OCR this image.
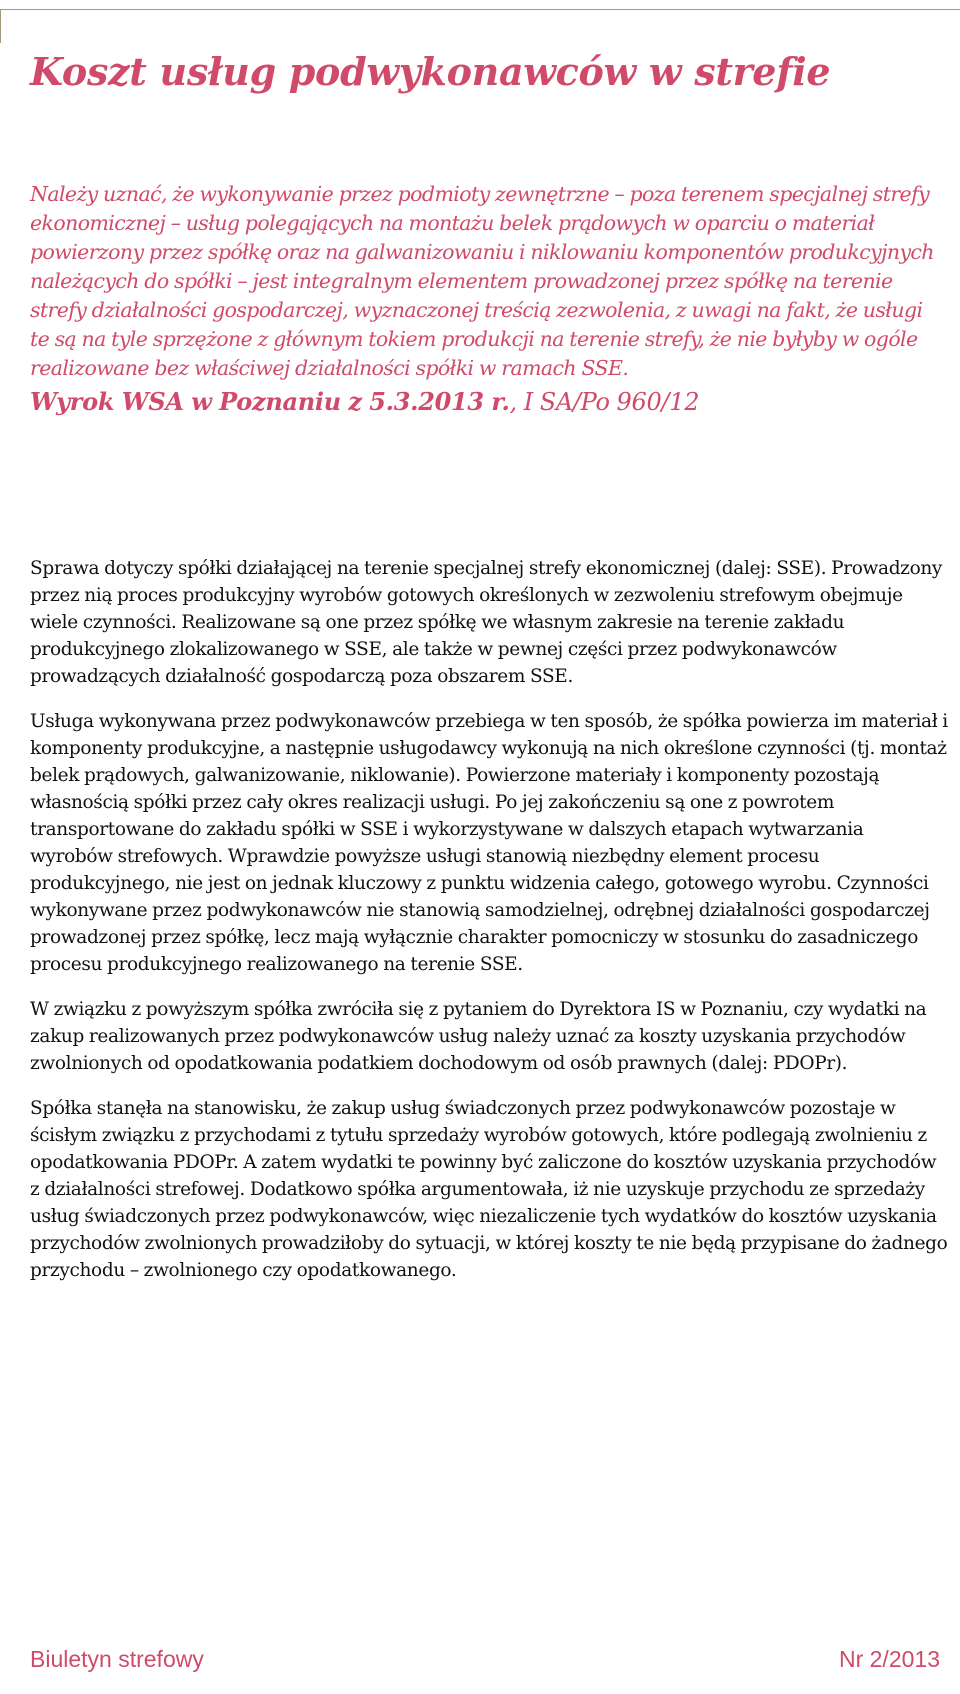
Koszt usług podwykonawców w strefie

Należy uznać, że wykonywanie przez podmioty zewnętrzne – poza terenem specjalnej strefy ekonomicznej – usług polegających na montażu belek prądowych w oparciu o materiał powierzony przez spółkę oraz na galwanizowaniu i niklowaniu komponentów produkcyjnych należących do spółki – jest integralnym elementem prowadzonej przez spółkę na terenie strefy działalności gospodarczej, wyznaczonej treścią zezwolenia, z uwagi na fakt, że usługi te są na tyle sprzężone z głównym tokiem produkcji na terenie strefy, że nie byłyby w ogóle realizowane bez właściwej działalności spółki w ramach SSE.

Wyrok WSA w Poznaniu z 5.3.2013 r., I SA/Po 960/12

Sprawa dotyczy spółki działającej na terenie specjalnej strefy ekonomicznej (dalej: SSE). Prowadzony przez nią proces produkcyjny wyrobów gotowych określonych w zezwoleniu strefowym obejmuje wiele czynności. Realizowane są one przez spółkę we własnym zakresie na terenie zakładu produkcyjnego zlokalizowanego w SSE, ale także w pewnej części przez podwykonawców prowadzących działalność gospodarczą poza obszarem SSE.

Usługa wykonywana przez podwykonawców przebiega w ten sposób, że spółka powierza im materiał i komponenty produkcyjne, a następnie usługodawcy wykonują na nich określone czynności (tj. montaż belek prądowych, galwanizowanie, niklowanie). Powierzone materiały i komponenty pozostają własnością spółki przez cały okres realizacji usługi. Po jej zakończeniu są one z powrotem transportowane do zakładu spółki w SSE i wykorzystywane w dalszych etapach wytwarzania wyrobów strefowych. Wprawdzie powyższe usługi stanowią niezbędny element procesu produkcyjnego, nie jest on jednak kluczowy z punktu widzenia całego, gotowego wyrobu. Czynności wykonywane przez podwykonawców nie stanowią samodzielnej, odrębnej działalności gospodarczej prowadzonej przez spółkę, lecz mają wyłącznie charakter pomocniczy w stosunku do zasadniczego procesu produkcyjnego realizowanego na terenie SSE.

W związku z powyższym spółka zwróciła się z pytaniem do Dyrektora IS w Poznaniu, czy wydatki na zakup realizowanych przez podwykonawców usług należy uznać za koszty uzyskania przychodów zwolnionych od opodatkowania podatkiem dochodowym od osób prawnych (dalej: PDOPr).

Spółka stanęła na stanowisku, że zakup usług świadczonych przez podwykonawców pozostaje w ścisłym związku z przychodami z tytułu sprzedaży wyrobów gotowych, które podlegają zwolnieniu z opodatkowania PDOPr. A zatem wydatki te powinny być zaliczone do kosztów uzyskania przychodów z działalności strefowej. Dodatkowo spółka argumentowała, iż nie uzyskuje przychodu ze sprzedaży usług świadczonych przez podwykonawców, więc niezaliczenie tych wydatków do kosztów uzyskania przychodów zwolnionych prowadziłoby do sytuacji, w której koszty te nie będą przypisane do żadnego przychodu – zwolnionego czy opodatkowanego.

Biuletyn strefowy	Nr 2/2013
